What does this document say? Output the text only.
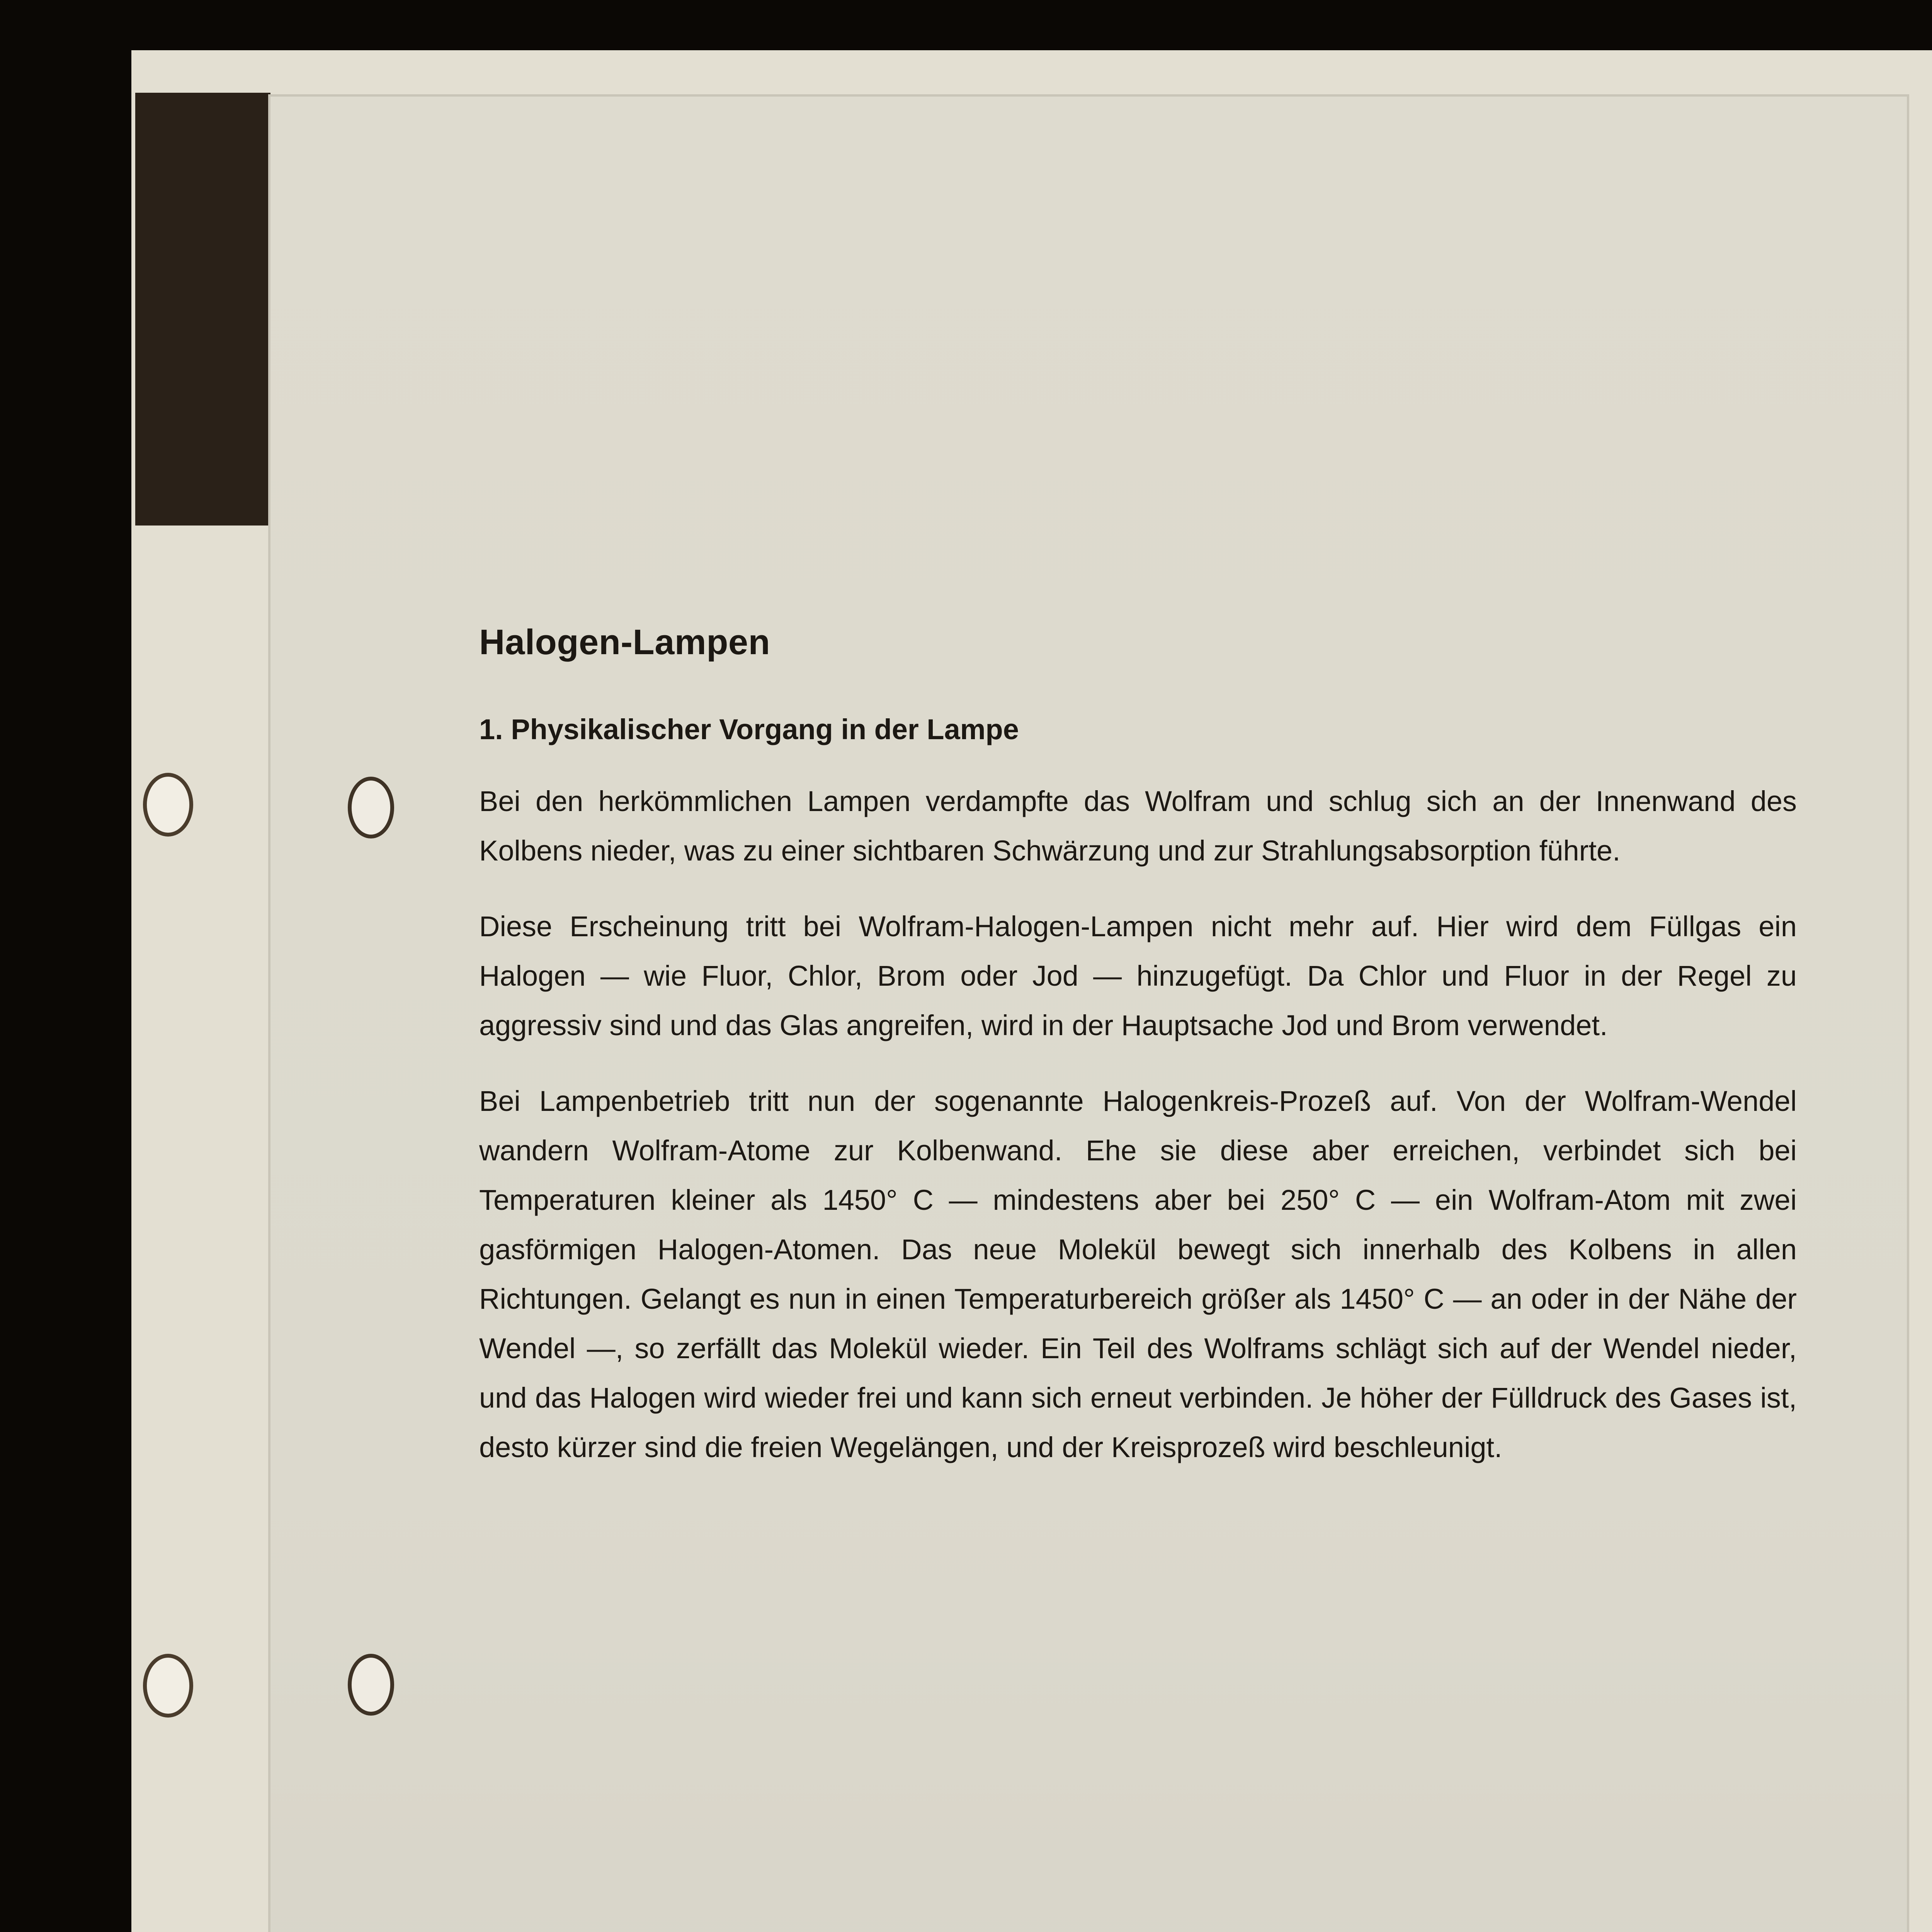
Halogen-Lampen
1. Physikalischer Vorgang in der Lampe

Bei den herkömmlichen Lampen verdampfte das Wolfram und schlug sich an der Innenwand des Kolbens nieder, was zu einer sichtbaren Schwärzung und zur Strahlungsabsorption führte.

Diese Erscheinung tritt bei Wolfram-Halogen-Lampen nicht mehr auf. Hier wird dem Füllgas ein Halogen — wie Fluor, Chlor, Brom oder Jod — hinzugefügt. Da Chlor und Fluor in der Regel zu aggressiv sind und das Glas angreifen, wird in der Hauptsache Jod und Brom verwendet.

Bei Lampenbetrieb tritt nun der sogenannte Halogenkreis-Prozeß auf. Von der Wolfram-Wendel wandern Wolfram-Atome zur Kolbenwand. Ehe sie diese aber erreichen, verbindet sich bei Temperaturen kleiner als 1450° C — mindestens aber bei 250° C — ein Wolfram-Atom mit zwei gasförmigen Halogen-Atomen. Das neue Molekül bewegt sich innerhalb des Kolbens in allen Richtungen. Gelangt es nun in einen Temperaturbereich größer als 1450° C — an oder in der Nähe der Wendel —, so zerfällt das Molekül wieder. Ein Teil des Wolframs schlägt sich auf der Wendel nieder, und das Halogen wird wieder frei und kann sich erneut verbinden. Je höher der Fülldruck des Gases ist, desto kürzer sind die freien Wegelängen, und der Kreisprozeß wird beschleunigt.
